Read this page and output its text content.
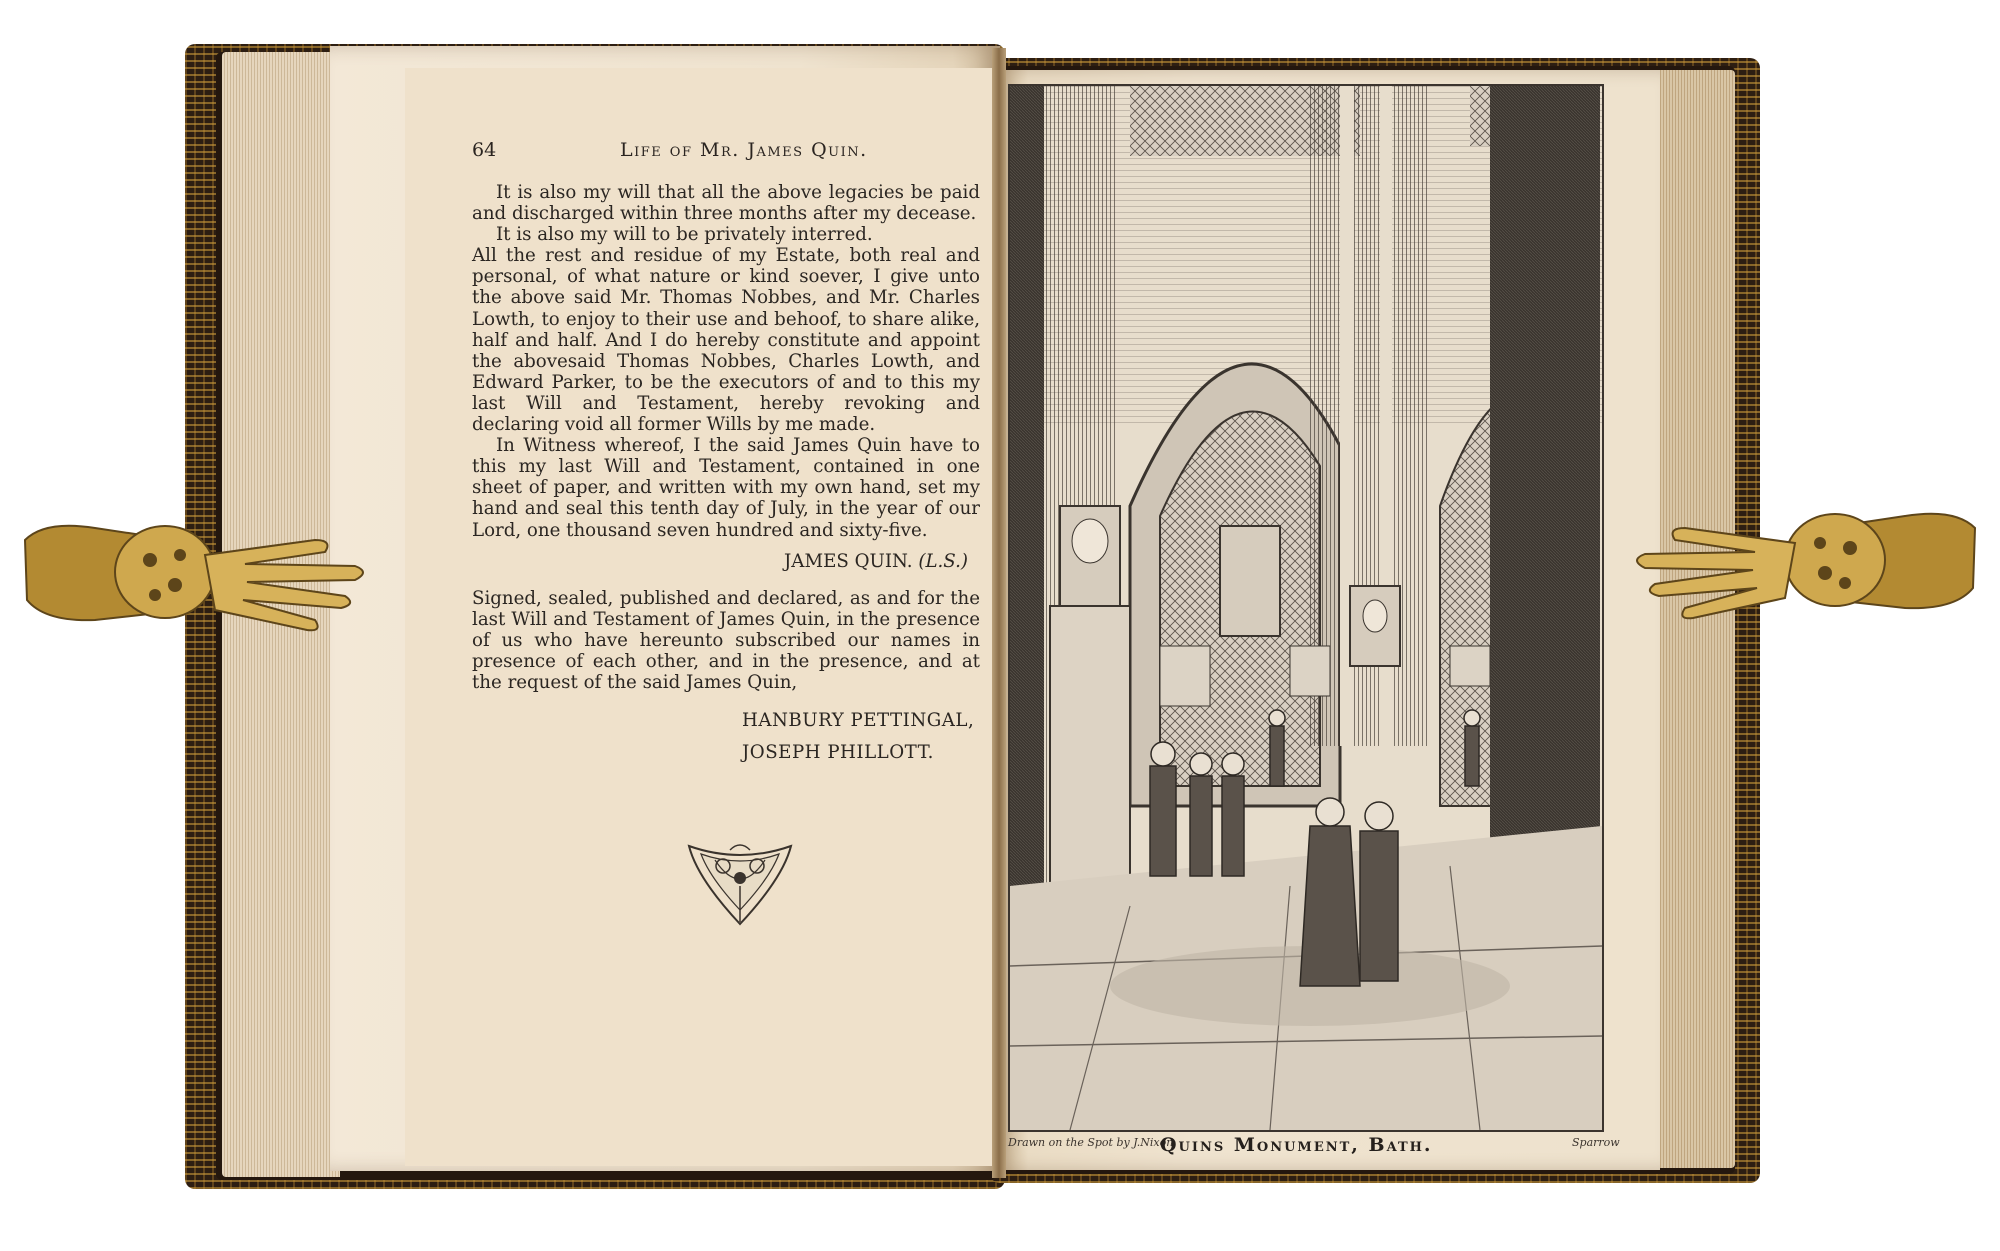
64	Life of Mr. James Quin.

It is also my will that all the above legacies be paid and discharged within three months after my decease.

It is also my will to be privately interred.

All the rest and residue of my Estate, both real and personal, of what nature or kind soever, I give unto the above said Mr. Thomas Nobbes, and Mr. Charles Lowth, to enjoy to their use and behoof, to share alike, half and half. And I do hereby constitute and appoint the abovesaid Thomas Nobbes, Charles Lowth, and Edward Parker, to be the executors of and to this my last Will and Testament, hereby revoking and declaring void all former Wills by me made.

In Witness whereof, I the said James Quin have to this my last Will and Testament, contained in one sheet of paper, and written with my own hand, set my hand and seal this tenth day of July, in the year of our Lord, one thousand seven hundred and sixty-five.

JAMES QUIN. (L.S.)

Signed, sealed, published and declared, as and for the last Will and Testament of James Quin, in the presence of us who have hereunto subscribed our names in presence of each other, and in the presence, and at the request of the said James Quin,

HANBURY PETTINGAL,
JOSEPH PHILLOTT.
Drawn on the Spot by J.Nixon
Quins Monument, Bath.	Sparrow
